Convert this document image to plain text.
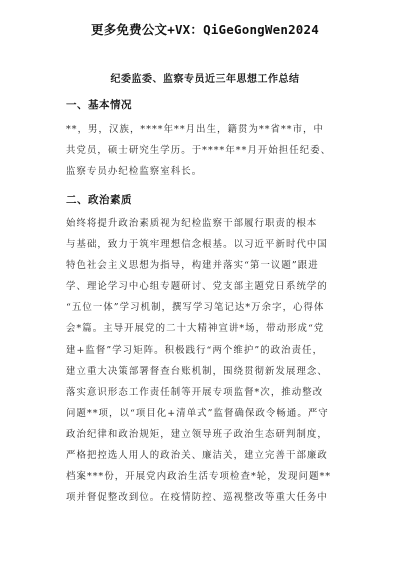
更多免费公文+VX：QiGeGongWen2024
纪委监委、监察专员近三年思想工作总结
一、基本情况
**，男，汉族，****年**月出生，籍贯为**省**市，中
共党员，硕士研究生学历。于****年**月开始担任纪委、
监察专员办纪检监察室科长。
二、政治素质
始终将提升政治素质视为纪检监察干部履行职责的根本
与基础，致力于筑牢理想信念根基。以习近平新时代中国
特色社会主义思想为指导，构建并落实“第一议题”跟进
学、理论学习中心组专题研讨、党支部主题党日系统学的
“五位一体”学习机制，撰写学习笔记达*万余字，心得体
会*篇。主导开展党的二十大精神宣讲*场，带动形成“党
建+监督”学习矩阵。积极践行“两个维护”的政治责任，
建立重大决策部署督查台账机制，围绕贯彻新发展理念、
落实意识形态工作责任制等开展专项监督*次，推动整改
问题**项，以“项目化+清单式”监督确保政令畅通。严守
政治纪律和政治规矩，建立领导班子政治生态研判制度，
严格把控选人用人的政治关、廉洁关，建立完善干部廉政
档案***份，开展党内政治生活专项检查*轮，发现问题**
项并督促整改到位。在疫情防控、巡视整改等重大任务中
